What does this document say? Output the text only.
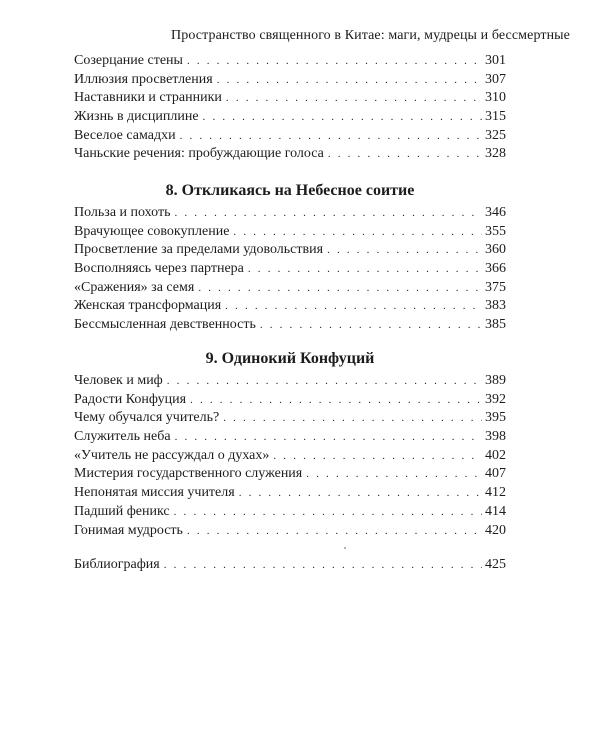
Пространство священного в Китае: маги, мудрецы и бессмертные
Созерцание стены . . .	301
Иллюзия просветления . . .	307
Наставники и странники . . .	310
Жизнь в дисциплине . . .	315
Веселое самадхи . . .	325
Чаньские речения: пробуждающие голоса . . .	328
8. Откликаясь на Небесное соитие
Польза и похоть . . .	346
Врачующее совокупление . . .	355
Просветление за пределами удовольствия . . .	360
Восполняясь через партнера . . .	366
«Сражения» за семя . . .	375
Женская трансформация . . .	383
Бессмысленная девственность . . .	385
9. Одинокий Конфуций
Человек и миф . . .	389
Радости Конфуция . . .	392
Чему обучался учитель? . . .	395
Служитель неба . . .	398
«Учитель не рассуждал о духах» . . .	402
Мистерия государственного служения . . .	407
Непонятая миссия учителя . . .	412
Падший феникс . . .	414
Гонимая мудрость . . .	420
Библиография . . .	425
